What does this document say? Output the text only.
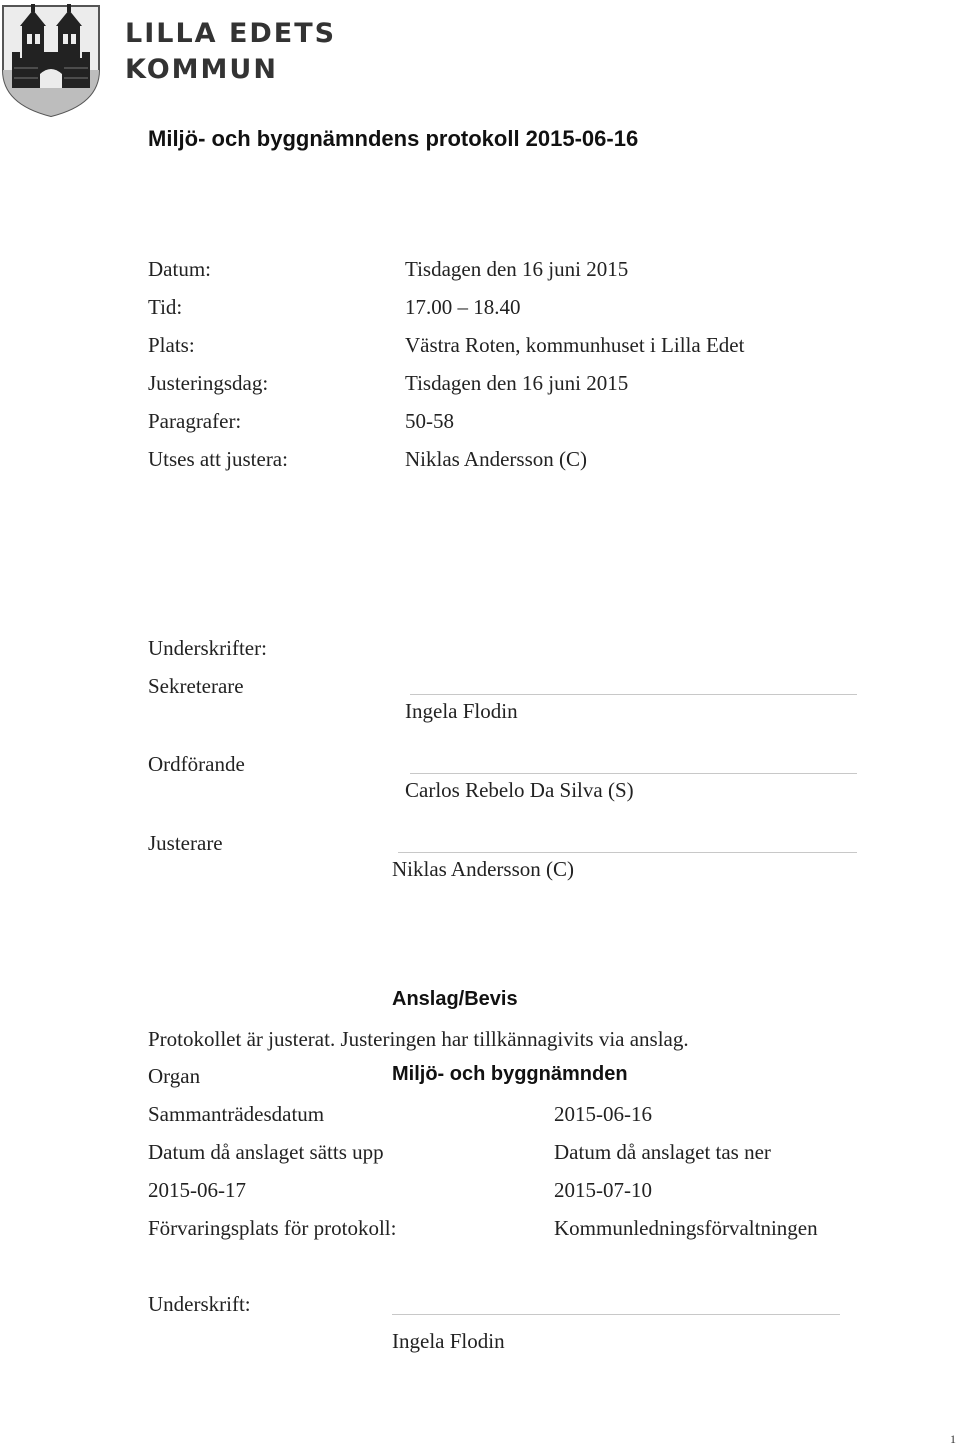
LILLA EDETS
KOMMUN
Miljö- och byggnämndens protokoll 2015-06-16
Datum:	Tisdagen den 16 juni 2015
Tid:	17.00 – 18.40
Plats:	Västra Roten, kommunhuset i Lilla Edet
Justeringsdag:	Tisdagen den 16 juni 2015
Paragrafer:	50-58
Utses att justera:	Niklas Andersson (C)
Underskrifter:
Sekreterare
Ingela Flodin
Ordförande
Carlos Rebelo Da Silva (S)
Justerare
Niklas Andersson (C)
Anslag/Bevis
Protokollet är justerat. Justeringen har tillkännagivits via anslag.
Organ	Miljö- och byggnämnden
Sammanträdesdatum	2015-06-16
Datum då anslaget sätts upp	Datum då anslaget tas ner
2015-06-17	2015-07-10
Förvaringsplats för protokoll:	Kommunledningsförvaltningen
Underskrift:
Ingela Flodin
1
